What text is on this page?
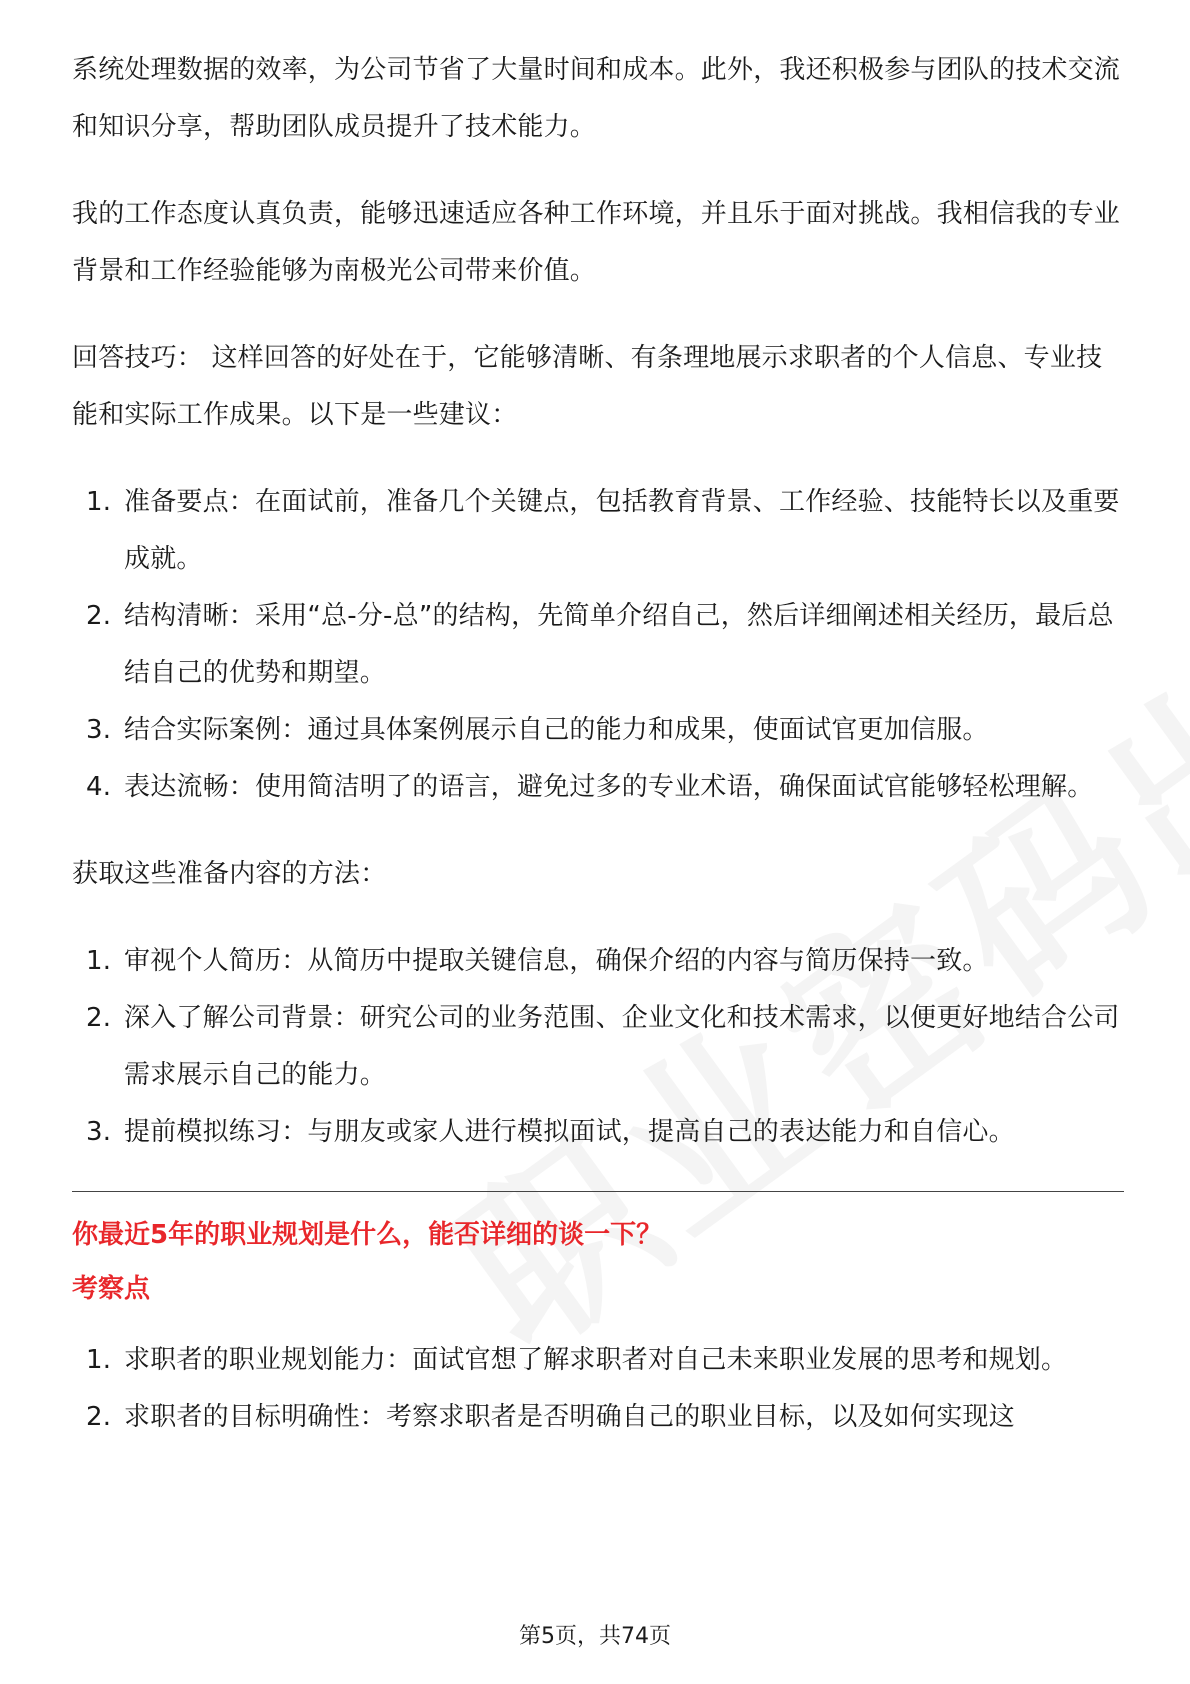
系统处理数据的效率，为公司节省了大量时间和成本。此外，我还积极参与团队的技术交流和知识分享，帮助团队成员提升了技术能力。

我的工作态度认真负责，能够迅速适应各种工作环境，并且乐于面对挑战。我相信我的专业背景和工作经验能够为南极光公司带来价值。

回答技巧： 这样回答的好处在于，它能够清晰、有条理地展示求职者的个人信息、专业技能和实际工作成果。以下是一些建议：

1. 准备要点：在面试前，准备几个关键点，包括教育背景、工作经验、技能特长以及重要成就。
2. 结构清晰：采用“总-分-总”的结构，先简单介绍自己，然后详细阐述相关经历，最后总结自己的优势和期望。
3. 结合实际案例：通过具体案例展示自己的能力和成果，使面试官更加信服。
4. 表达流畅：使用简洁明了的语言，避免过多的专业术语，确保面试官能够轻松理解。

获取这些准备内容的方法：

1. 审视个人简历：从简历中提取关键信息，确保介绍的内容与简历保持一致。
2. 深入了解公司背景：研究公司的业务范围、企业文化和技术需求，以便更好地结合公司需求展示自己的能力。
3. 提前模拟练习：与朋友或家人进行模拟面试，提高自己的表达能力和自信心。

你最近5年的职业规划是什么，能否详细的谈一下？

考察点

1. 求职者的职业规划能力：面试官想了解求职者对自己未来职业发展的思考和规划。
2. 求职者的目标明确性：考察求职者是否明确自己的职业目标，以及如何实现这
第5页，共74页
